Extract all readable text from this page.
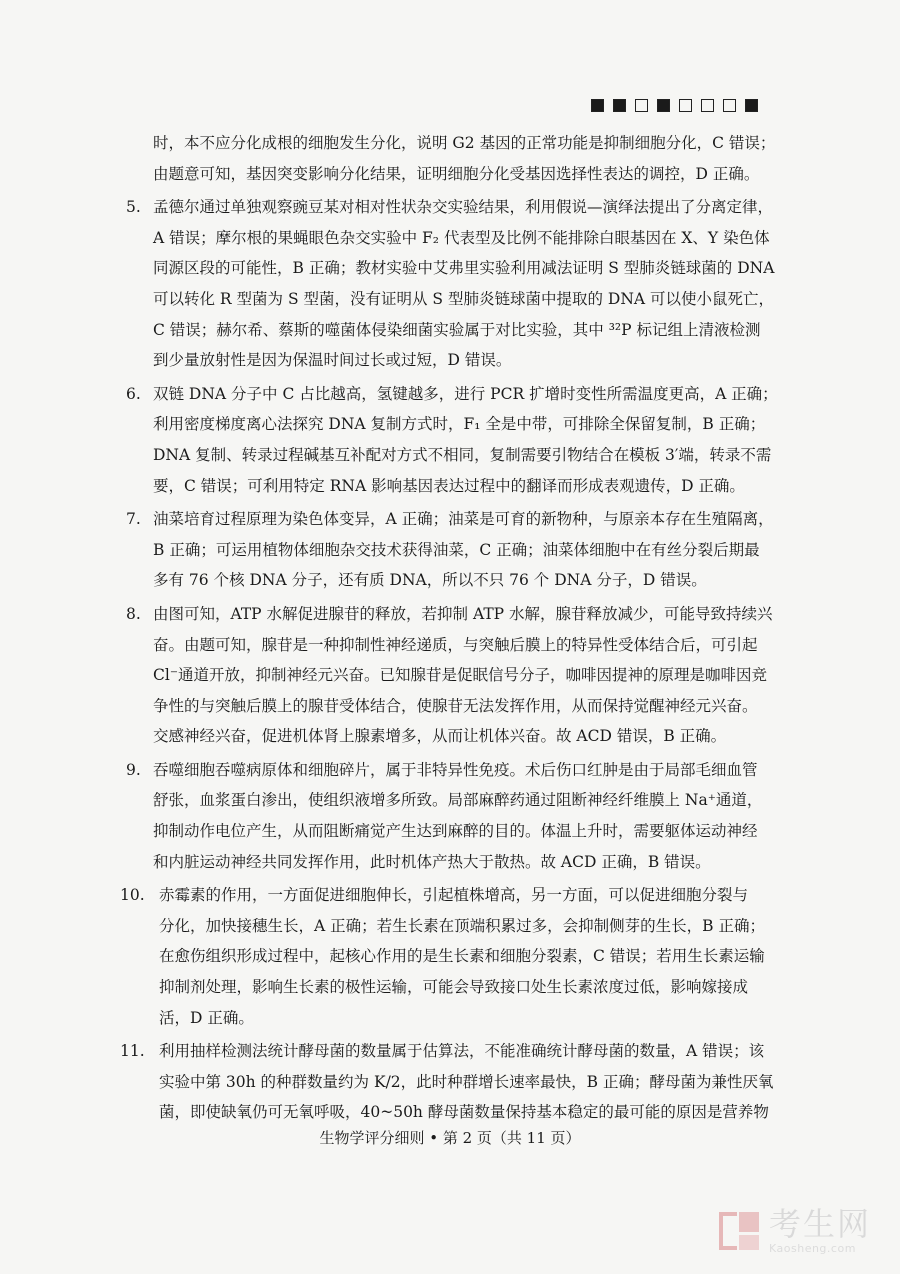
时，本不应分化成根的细胞发生分化，说明 G2 基因的正常功能是抑制细胞分化，C 错误；
由题意可知，基因突变影响分化结果，证明细胞分化受基因选择性表达的调控，D 正确。
5. 孟德尔通过单独观察豌豆某对相对性状杂交实验结果，利用假说—演绎法提出了分离定律，
A 错误；摩尔根的果蝇眼色杂交实验中 F₂ 代表型及比例不能排除白眼基因在 X、Y 染色体
同源区段的可能性，B 正确；教材实验中艾弗里实验利用减法证明 S 型肺炎链球菌的 DNA
可以转化 R 型菌为 S 型菌，没有证明从 S 型肺炎链球菌中提取的 DNA 可以使小鼠死亡，
C 错误；赫尔希、蔡斯的噬菌体侵染细菌实验属于对比实验，其中 ³²P 标记组上清液检测
到少量放射性是因为保温时间过长或过短，D 错误。
6. 双链 DNA 分子中 C 占比越高，氢键越多，进行 PCR 扩增时变性所需温度更高，A 正确；
利用密度梯度离心法探究 DNA 复制方式时，F₁ 全是中带，可排除全保留复制，B 正确；
DNA 复制、转录过程碱基互补配对方式不相同，复制需要引物结合在模板 3′端，转录不需
要，C 错误；可利用特定 RNA 影响基因表达过程中的翻译而形成表观遗传，D 正确。
7. 油菜培育过程原理为染色体变异，A 正确；油菜是可育的新物种，与原亲本存在生殖隔离，
B 正确；可运用植物体细胞杂交技术获得油菜，C 正确；油菜体细胞中在有丝分裂后期最
多有 76 个核 DNA 分子，还有质 DNA，所以不只 76 个 DNA 分子，D 错误。
8. 由图可知，ATP 水解促进腺苷的释放，若抑制 ATP 水解，腺苷释放减少，可能导致持续兴
奋。由题可知，腺苷是一种抑制性神经递质，与突触后膜上的特异性受体结合后，可引起
Cl⁻通道开放，抑制神经元兴奋。已知腺苷是促眠信号分子，咖啡因提神的原理是咖啡因竞
争性的与突触后膜上的腺苷受体结合，使腺苷无法发挥作用，从而保持觉醒神经元兴奋。
交感神经兴奋，促进机体肾上腺素增多，从而让机体兴奋。故 ACD 错误，B 正确。
9. 吞噬细胞吞噬病原体和细胞碎片，属于非特异性免疫。术后伤口红肿是由于局部毛细血管
舒张，血浆蛋白渗出，使组织液增多所致。局部麻醉药通过阻断神经纤维膜上 Na⁺通道，
抑制动作电位产生，从而阻断痛觉产生达到麻醉的目的。体温上升时，需要躯体运动神经
和内脏运动神经共同发挥作用，此时机体产热大于散热。故 ACD 正确，B 错误。
10. 赤霉素的作用，一方面促进细胞伸长，引起植株增高，另一方面，可以促进细胞分裂与
分化，加快接穗生长，A 正确；若生长素在顶端积累过多，会抑制侧芽的生长，B 正确；
在愈伤组织形成过程中，起核心作用的是生长素和细胞分裂素，C 错误；若用生长素运输
抑制剂处理，影响生长素的极性运输，可能会导致接口处生长素浓度过低，影响嫁接成
活，D 正确。
11. 利用抽样检测法统计酵母菌的数量属于估算法，不能准确统计酵母菌的数量，A 错误；该
实验中第 30h 的种群数量约为 K/2，此时种群增长速率最快，B 正确；酵母菌为兼性厌氧
菌，即使缺氧仍可无氧呼吸，40~50h 酵母菌数量保持基本稳定的最可能的原因是营养物
生物学评分细则 • 第 2 页（共 11 页）
考生网
Kaosheng.com
